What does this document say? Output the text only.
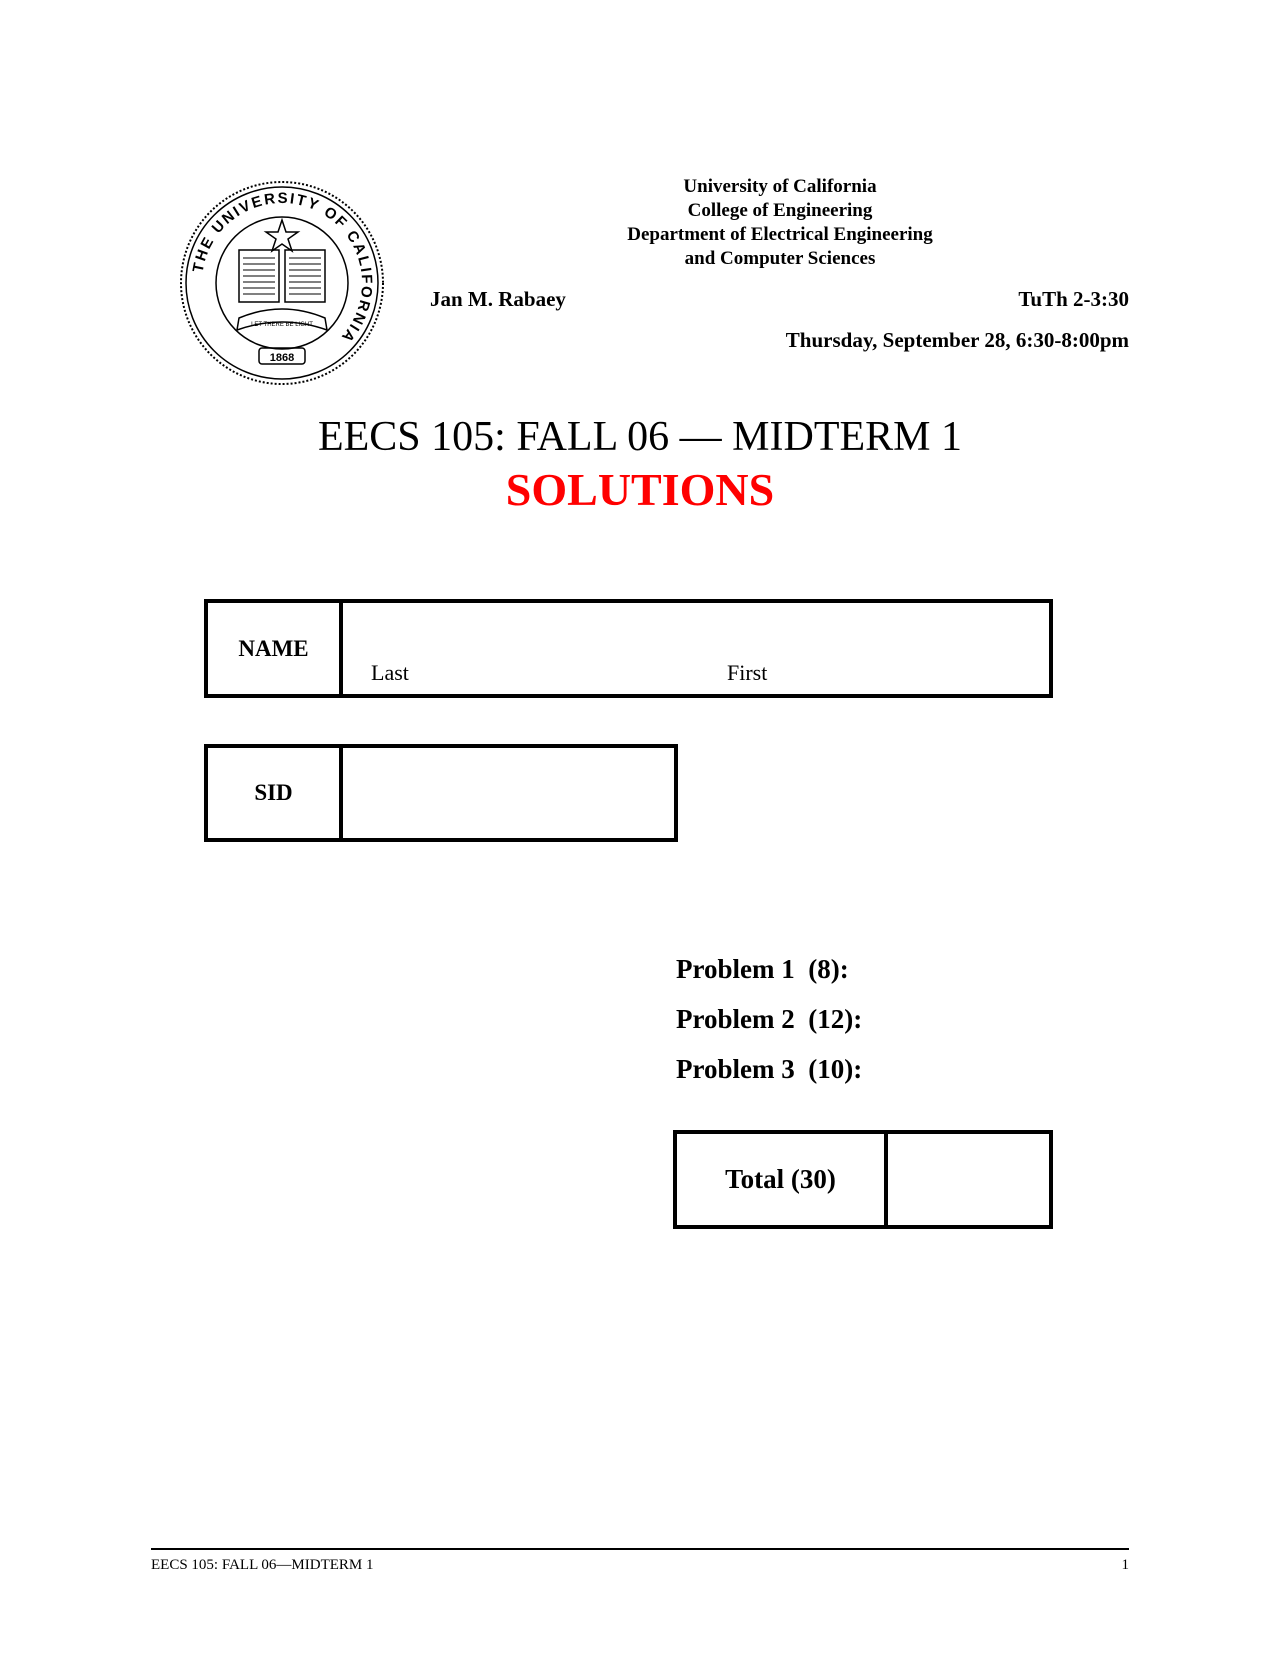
THE UNIVERSITY OF CALIFORNIA
1868
LET THERE BE LIGHT
University of California
College of Engineering
Department of Electrical Engineering
and Computer Sciences
Jan M. Rabaey	TuTh 2-3:30
Thursday, September 28, 6:30-8:00pm
EECS 105: FALL 06 — MIDTERM 1
SOLUTIONS
NAME
Last	First
SID
Problem 1  (8):
Problem 2  (12):
Problem 3  (10):
Total (30)
EECS 105: FALL 06—MIDTERM 1	1
